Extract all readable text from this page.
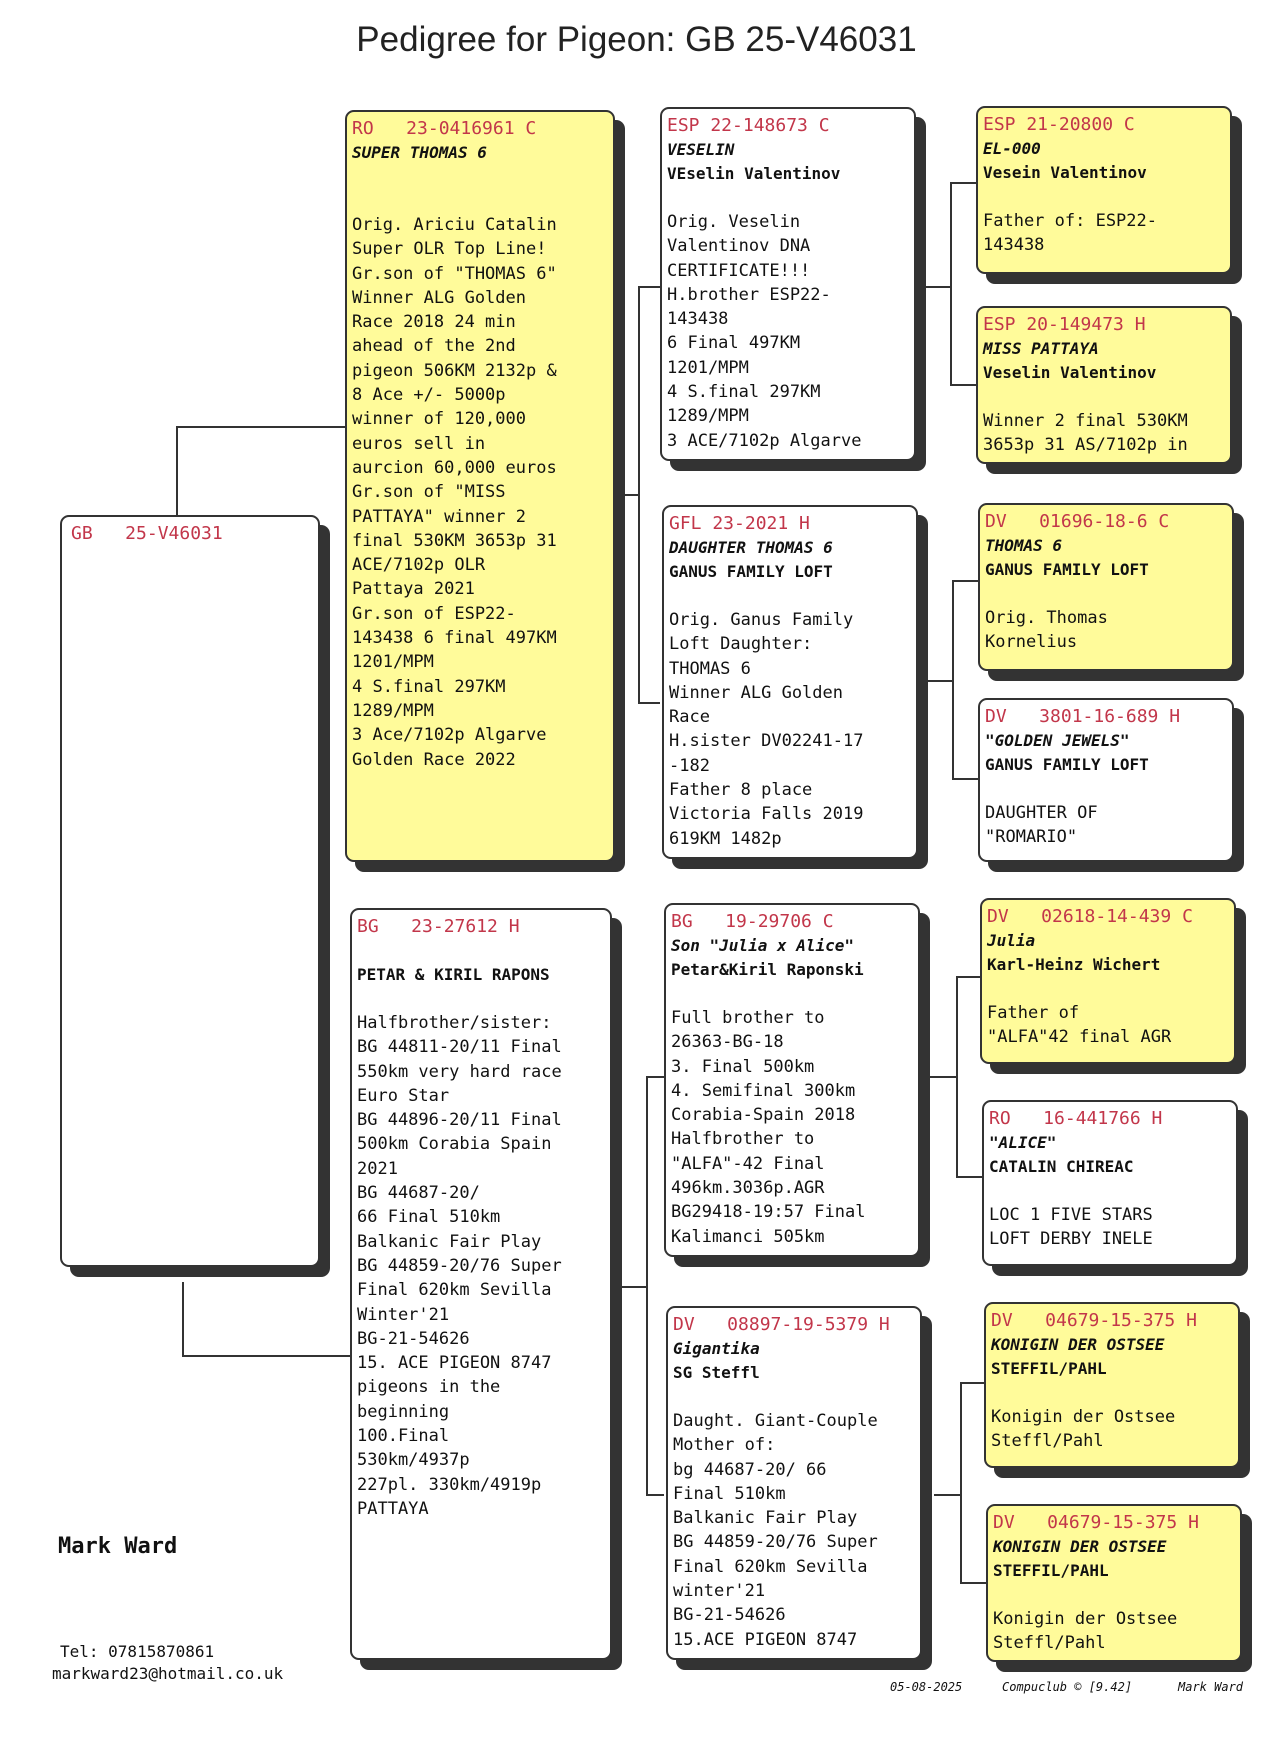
Pedigree for Pigeon: GB 25-V46031
GB   25-V46031
RO   23-0416961 C
SUPER THOMAS 6
Orig. Ariciu Catalin
Super OLR Top Line!
Gr.son of "THOMAS 6"
Winner ALG Golden
Race 2018 24 min
ahead of the 2nd
pigeon 506KM 2132p &
8 Ace +/- 5000p
winner of 120,000
euros sell in
aurcion 60,000 euros
Gr.son of "MISS
PATTAYA" winner 2
final 530KM 3653p 31
ACE/7102p OLR
Pattaya 2021
Gr.son of ESP22-
143438 6 final 497KM
1201/MPM
4 S.final 297KM
1289/MPM
3 Ace/7102p Algarve
Golden Race 2022
BG   23-27612 H
PETAR & KIRIL RAPONS
Halfbrother/sister:
BG 44811-20/11 Final
550km very hard race
Euro Star
BG 44896-20/11 Final
500km Corabia Spain
2021
BG 44687-20/
66 Final 510km
Balkanic Fair Play
BG 44859-20/76 Super
Final 620km Sevilla
Winter'21
BG-21-54626
15. ACE PIGEON 8747
pigeons in the
beginning
100.Final
530km/4937p
227pl. 330km/4919p
PATTAYA
ESP 22-148673 C
VESELIN
VEselin Valentinov
Orig. Veselin
Valentinov DNA
CERTIFICATE!!!
H.brother ESP22-
143438
6 Final 497KM
1201/MPM
4 S.final 297KM
1289/MPM
3 ACE/7102p Algarve
GFL 23-2021 H
DAUGHTER THOMAS 6
GANUS FAMILY LOFT
Orig. Ganus Family
Loft Daughter:
THOMAS 6
Winner ALG Golden
Race
H.sister DV02241-17
-182
Father 8 place
Victoria Falls 2019
619KM 1482p
BG   19-29706 C
Son "Julia x Alice"
Petar&Kiril Raponski
Full brother to
26363-BG-18
3. Final 500km
4. Semifinal 300km
Corabia-Spain 2018
Halfbrother to
"ALFA"-42 Final
496km.3036p.AGR
BG29418-19:57 Final
Kalimanci 505km
DV   08897-19-5379 H
Gigantika
SG Steffl
Daught. Giant-Couple
Mother of:
bg 44687-20/ 66
Final 510km
Balkanic Fair Play
BG 44859-20/76 Super
Final 620km Sevilla
winter'21
BG-21-54626
15.ACE PIGEON 8747
ESP 21-20800 C
EL-000
Vesein Valentinov
Father of: ESP22-
143438
ESP 20-149473 H
MISS PATTAYA
Veselin Valentinov
Winner 2 final 530KM
3653p 31 AS/7102p in
DV   01696-18-6 C
THOMAS 6
GANUS FAMILY LOFT
Orig. Thomas
Kornelius
DV   3801-16-689 H
"GOLDEN JEWELS"
GANUS FAMILY LOFT
DAUGHTER OF
"ROMARIO"
DV   02618-14-439 C
Julia
Karl-Heinz Wichert
Father of
"ALFA"42 final AGR
RO   16-441766 H
"ALICE"
CATALIN CHIREAC
LOC 1 FIVE STARS
LOFT DERBY INELE
DV   04679-15-375 H
KONIGIN DER OSTSEE
STEFFIL/PAHL
Konigin der Ostsee
Steffl/Pahl
DV   04679-15-375 H
KONIGIN DER OSTSEE
STEFFIL/PAHL
Konigin der Ostsee
Steffl/Pahl
Mark Ward
Tel: 07815870861
markward23@hotmail.co.uk
05-08-2025	Compuclub © [9.42]	Mark Ward
